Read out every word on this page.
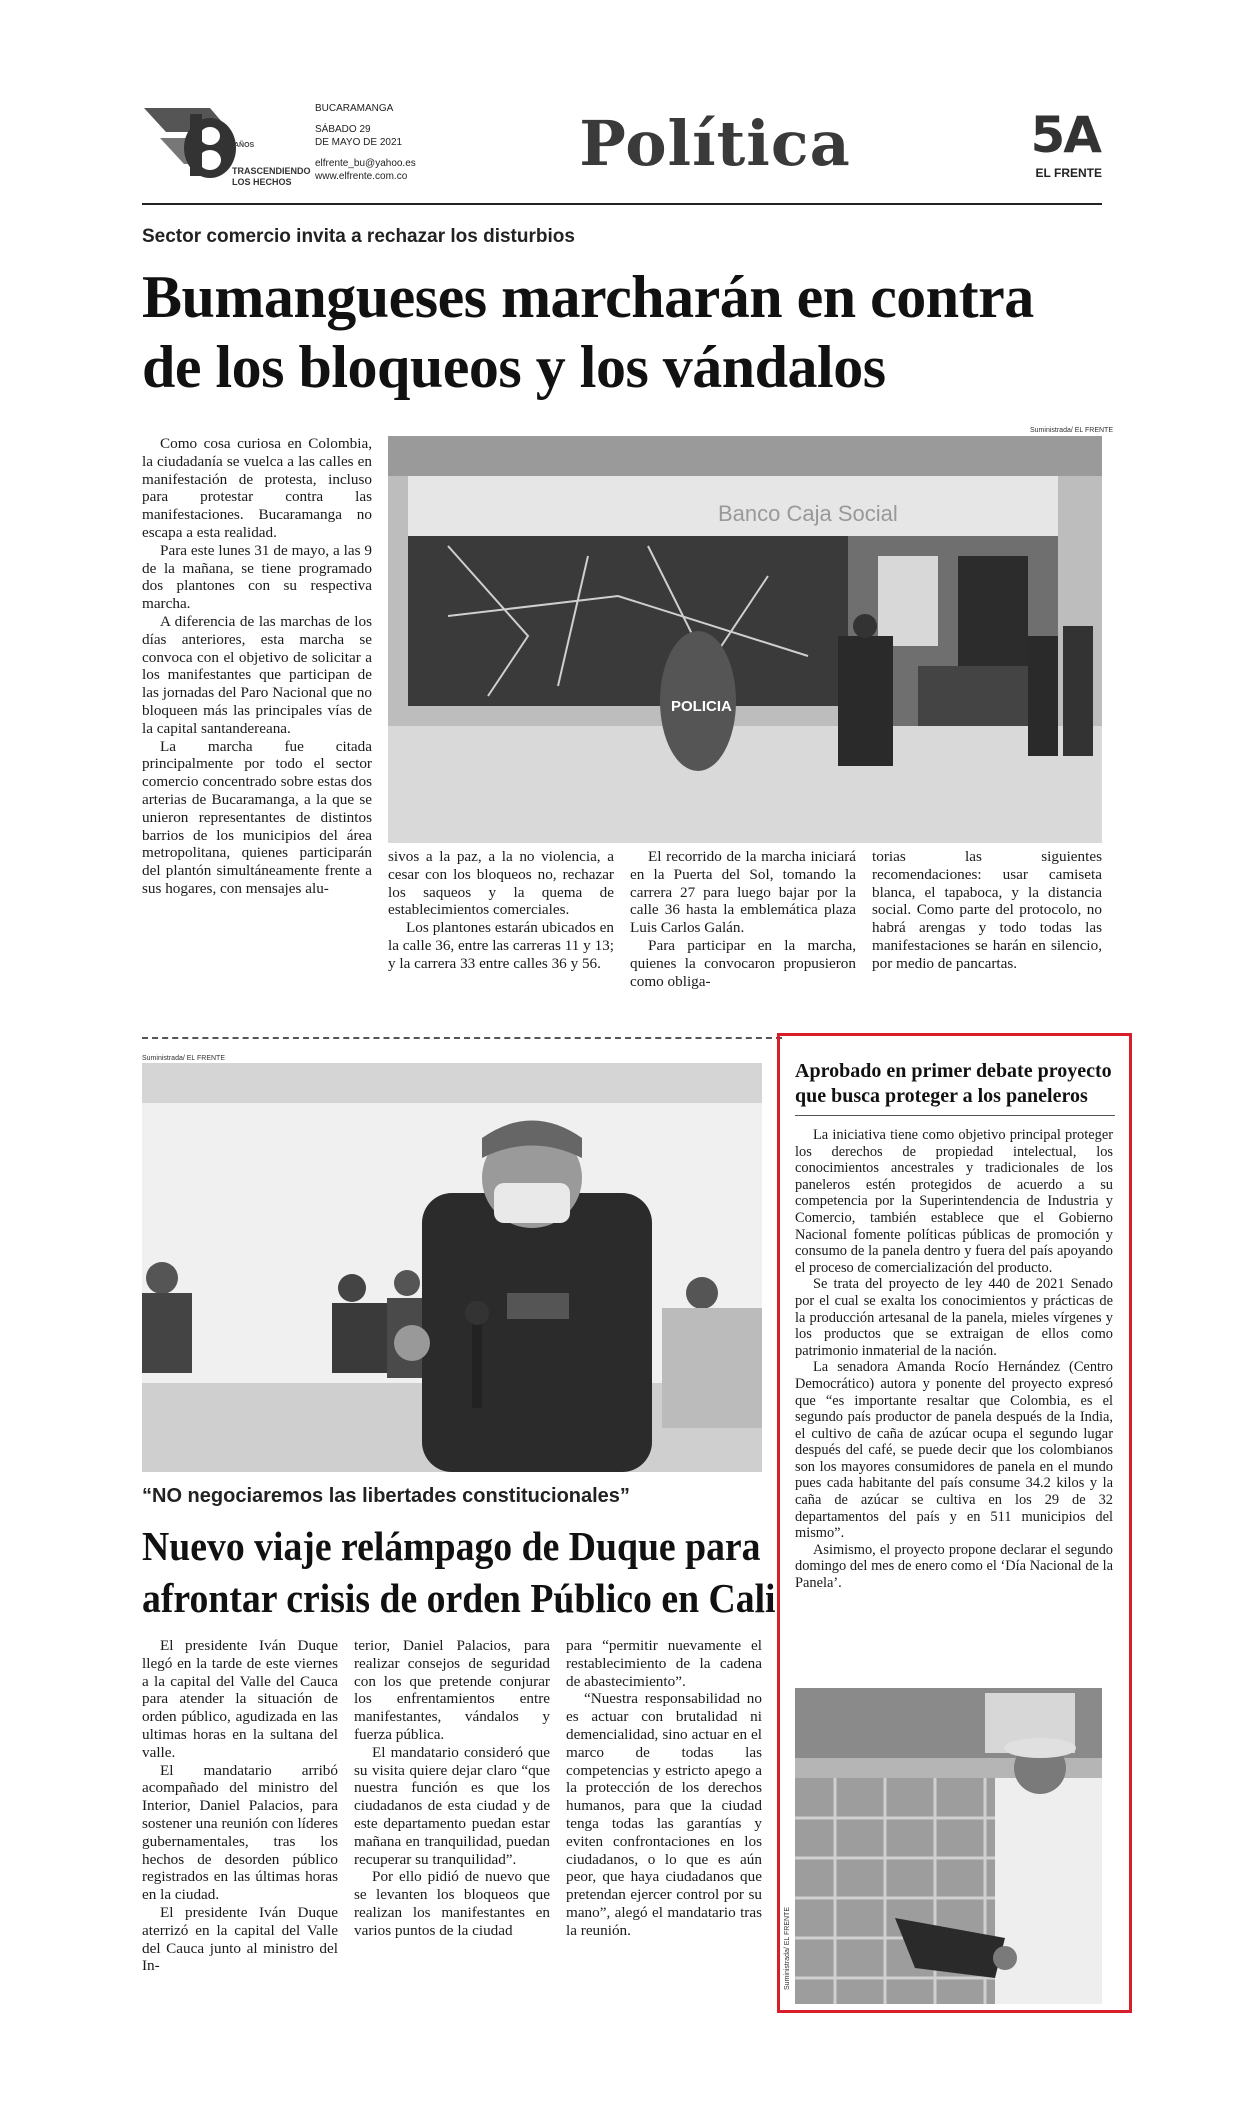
AÑOS
TRASCENDIENDO LOS HECHOS
BUCARAMANGA
SÁBADO 29
DE MAYO DE 2021
elfrente_bu@yahoo.es
www.elfrente.com.co	Política	5A
EL FRENTE
Sector comercio invita a rechazar los disturbios
Bumangueses marcharán en contra de los bloqueos y los vándalos
Suministrada/ EL FRENTE
Banco Caja Social
POLICIA

Como cosa curiosa en Colombia, la ciudadanía se vuelca a las calles en manifestación de protesta, incluso para protestar contra las manifestaciones. Bucaramanga no escapa a esta realidad.

Para este lunes 31 de mayo, a las 9 de la mañana, se tiene programado dos plantones con su respectiva marcha.

A diferencia de las marchas de los días anteriores, esta marcha se convoca con el objetivo de solicitar a los manifestantes que participan de las jornadas del Paro Nacional que no bloqueen más las principales vías de la capital santandereana.

La marcha fue citada principalmente por todo el sector comercio concentrado sobre estas dos arterias de Bucaramanga, a la que se unieron representantes de distintos barrios de los municipios del área metropolitana, quienes participarán del plantón simultáneamente frente a sus hogares, con mensajes alu-

sivos a la paz, a la no violencia, a cesar con los bloqueos no, rechazar los saqueos y la quema de establecimientos comerciales.

Los plantones estarán ubicados en la calle 36, entre las carreras 11 y 13; y la carrera 33 entre calles 36 y 56.

El recorrido de la marcha iniciará en la Puerta del Sol, tomando la carrera 27 para luego bajar por la calle 36 hasta la emblemática plaza Luis Carlos Galán.

Para participar en la marcha, quienes la convocaron propusieron como obliga-

torias las siguientes recomendaciones: usar camiseta blanca, el tapaboca, y la distancia social. Como parte del protocolo, no habrá arengas y todo todas las manifestaciones se harán en silencio, por medio de pancartas.

Suministrada/ EL FRENTE
“NO negociaremos las libertades constitucionales”
Nuevo viaje relámpago de Duque para
afrontar crisis de orden Público en Cali

El presidente Iván Duque llegó en la tarde de este viernes a la capital del Valle del Cauca para atender la situación de orden público, agudizada en las ultimas horas en la sultana del valle.

El mandatario arribó acompañado del ministro del Interior, Daniel Palacios, para sostener una reunión con líderes gubernamentales, tras los hechos de desorden público registrados en las últimas horas en la ciudad.

El presidente Iván Duque aterrizó en la capital del Valle del Cauca junto al ministro del In-

terior, Daniel Palacios, para realizar consejos de seguridad con los que pretende conjurar los enfrentamientos entre manifestantes, vándalos y fuerza pública.

El mandatario consideró que su visita quiere dejar claro “que nuestra función es que los ciudadanos de esta ciudad y de este departamento puedan estar mañana en tranquilidad, puedan recuperar su tranquilidad”.

Por ello pidió de nuevo que se levanten los bloqueos que realizan los manifestantes en varios puntos de la ciudad

para “permitir nuevamente el restablecimiento de la cadena de abastecimiento”.

“Nuestra responsabilidad no es actuar con brutalidad ni demencialidad, sino actuar en el marco de todas las competencias y estricto apego a la protección de los derechos humanos, para que la ciudad tenga todas las garantías y eviten confrontaciones en los ciudadanos, o lo que es aún peor, que haya ciudadanos que pretendan ejercer control por su mano”, alegó el mandatario tras la reunión.

Aprobado en primer debate proyecto que busca proteger a los paneleros

La iniciativa tiene como objetivo principal proteger los derechos de propiedad intelectual, los conocimientos ancestrales y tradicionales de los paneleros estén protegidos de acuerdo a su competencia por la Superintendencia de Industria y Comercio, también establece que el Gobierno Nacional fomente políticas públicas de promoción y consumo de la panela dentro y fuera del país apoyando el proceso de comercialización del producto.

Se trata del proyecto de ley 440 de 2021 Senado por el cual se exalta los conocimientos y prácticas de la producción artesanal de la panela, mieles vírgenes y los productos que se extraigan de ellos como patrimonio inmaterial de la nación.

La senadora Amanda Rocío Hernández (Centro Democrático) autora y ponente del proyecto expresó que “es importante resaltar que Colombia, es el segundo país productor de panela después de la India, el cultivo de caña de azúcar ocupa el segundo lugar después del café, se puede decir que los colombianos son los mayores consumidores de panela en el mundo pues cada habitante del país consume 34.2 kilos y la caña de azúcar se cultiva en los 29 de 32 departamentos del país y en 511 municipios del mismo”.

Asimismo, el proyecto propone declarar el segundo domingo del mes de enero como el ‘Día Nacional de la Panela’.

Suministrada/ EL FRENTE
